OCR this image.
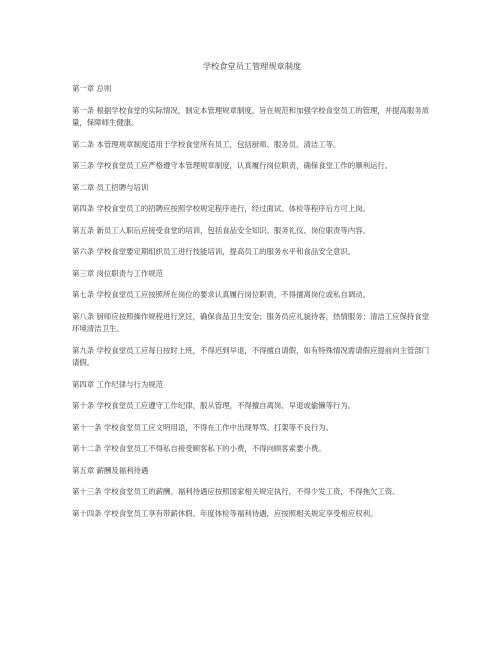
学校食堂员工管理规章制度
第一章 总则
第一条 根据学校食堂的实际情况，制定本管理规章制度，旨在规范和加强学校食堂员工的管理，并提高服务质量，保障师生健康。
第二条 本管理规章制度适用于学校食堂所有员工，包括厨师、服务员、清洁工等。
第三条 学校食堂员工应严格遵守本管理规章制度，认真履行岗位职责，确保食堂工作的顺利运行。
第二章 员工招聘与培训
第四条 学校食堂员工的招聘应按照学校规定程序进行，经过面试、体检等程序后方可上岗。
第五条 新员工入职后应接受食堂的培训，包括食品安全知识、服务礼仪、岗位职责等内容。
第六条 学校食堂要定期组织员工进行技能培训，提高员工的服务水平和食品安全意识。
第三章 岗位职责与工作规范
第七条 学校食堂员工应按照所在岗位的要求认真履行岗位职责，不得擅离岗位或私自调动。
第八条 厨师应按照操作规程进行烹饪，确保食品卫生安全；服务员应礼貌待客，热情服务；清洁工应保持食堂环境清洁卫生。
第九条 学校食堂员工应每日按时上班，不得迟到早退，不得擅自请假，如有特殊情况需请假应提前向主管部门请假。
第四章 工作纪律与行为规范
第十条 学校食堂员工应遵守工作纪律，服从管理，不得擅自离岗、早退或偷懒等行为。
第十一条 学校食堂员工应文明用语，不得在工作中出现辱骂、打架等不良行为。
第十二条 学校食堂员工不得私自接受顾客私下的小费，不得向顾客索要小费。
第五章 薪酬及福利待遇
第十三条 学校食堂员工的薪酬、福利待遇应按照国家相关规定执行，不得少发工资，不得拖欠工资。
第十四条 学校食堂员工享有带薪休假、年度体检等福利待遇，应按照相关规定享受相应权利。
